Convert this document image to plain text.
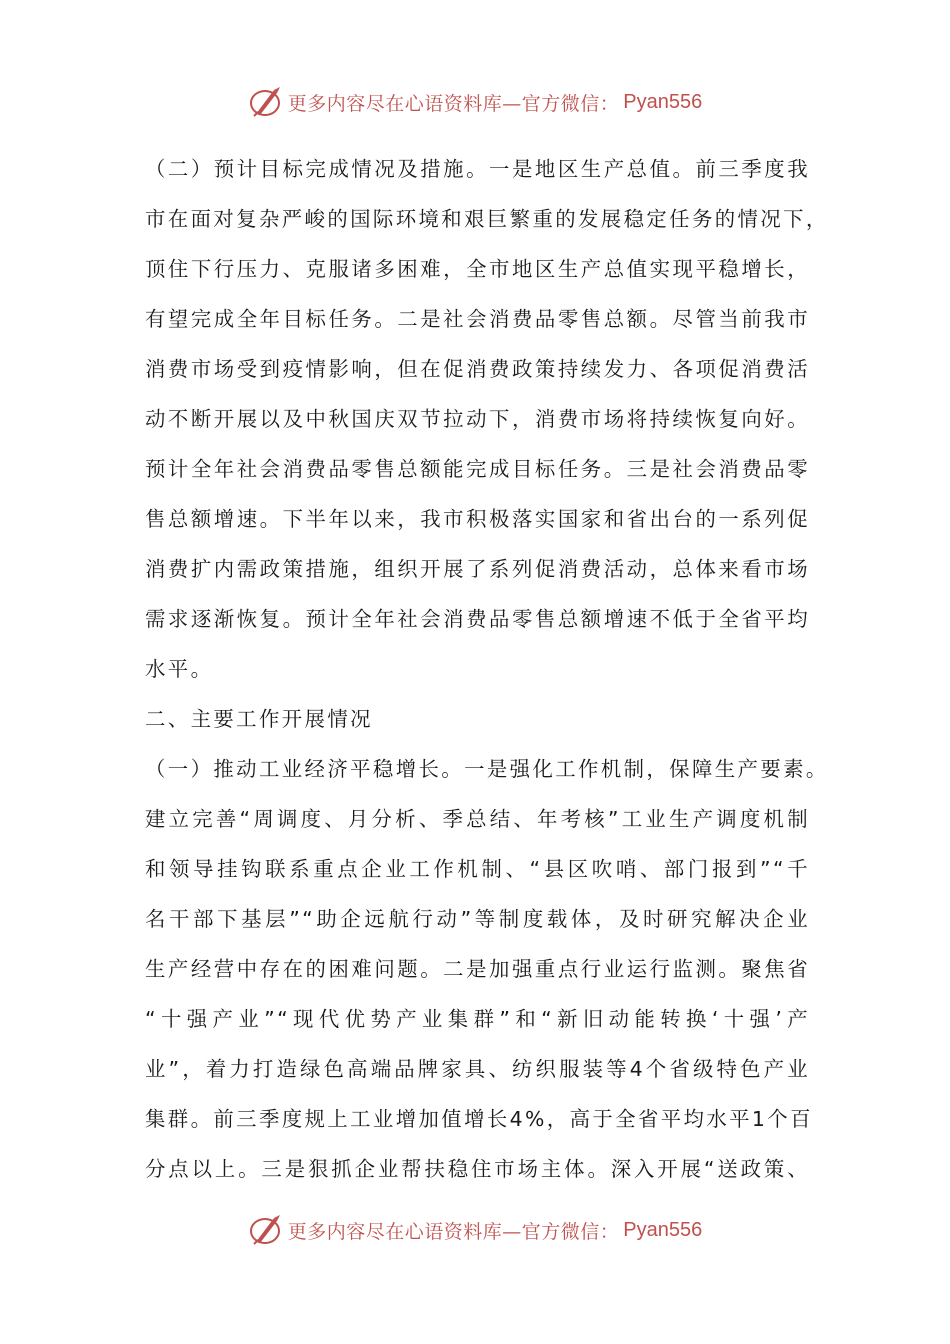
更多内容尽在心语资料库—官方微信： Pyan556
（二）预计目标完成情况及措施。一是地区生产总值。前三季度我
市在面对复杂严峻的国际环境和艰巨繁重的发展稳定任务的情况下，
顶住下行压力、克服诸多困难，全市地区生产总值实现平稳增长，
有望完成全年目标任务。二是社会消费品零售总额。尽管当前我市
消费市场受到疫情影响，但在促消费政策持续发力、各项促消费活
动不断开展以及中秋国庆双节拉动下，消费市场将持续恢复向好。
预计全年社会消费品零售总额能完成目标任务。三是社会消费品零
售总额增速。下半年以来，我市积极落实国家和省出台的一系列促
消费扩内需政策措施，组织开展了系列促消费活动，总体来看市场
需求逐渐恢复。预计全年社会消费品零售总额增速不低于全省平均
水平。
二、主要工作开展情况
（一）推动工业经济平稳增长。一是强化工作机制，保障生产要素。
建立完善“周调度、月分析、季总结、年考核”工业生产调度机制
和领导挂钩联系重点企业工作机制、“县区吹哨、部门报到”“千
名干部下基层”“助企远航行动”等制度载体，及时研究解决企业
生产经营中存在的困难问题。二是加强重点行业运行监测。聚焦省
“十强产业”“现代优势产业集群”和“新旧动能转换‘十强’产
业”，着力打造绿色高端品牌家具、纺织服装等4个省级特色产业
集群。前三季度规上工业增加值增长4%，高于全省平均水平1个百
分点以上。三是狠抓企业帮扶稳住市场主体。深入开展“送政策、
更多内容尽在心语资料库—官方微信： Pyan556
